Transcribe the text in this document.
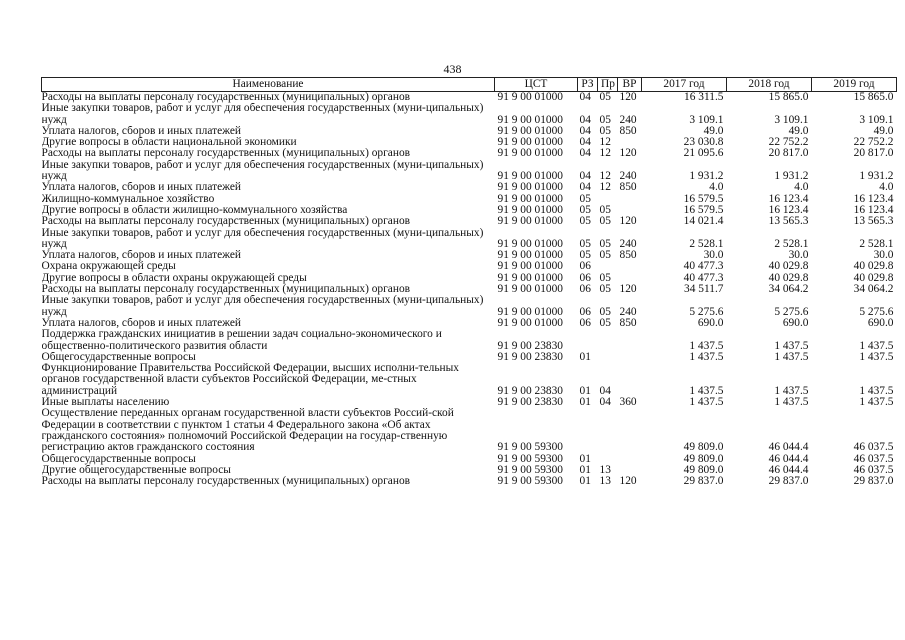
438
Наименование	ЦСТ	РЗ	Пр	ВР	2017 год	2018 год	2019 год
Расходы на выплаты персоналу государственных (муниципальных) органов	91 9 00 01000	04	05	120	16 311.5	15 865.0	15 865.0
Иные закупки товаров, работ и услуг для обеспечения государственных (муни-ципальных) нужд	91 9 00 01000	04	05	240	3 109.1	3 109.1	3 109.1
Уплата налогов, сборов и иных платежей	91 9 00 01000	04	05	850	49.0	49.0	49.0
Другие вопросы в области национальной экономики	91 9 00 01000	04	12		23 030.8	22 752.2	22 752.2
Расходы на выплаты персоналу государственных (муниципальных) органов	91 9 00 01000	04	12	120	21 095.6	20 817.0	20 817.0
Иные закупки товаров, работ и услуг для обеспечения государственных (муни-ципальных) нужд	91 9 00 01000	04	12	240	1 931.2	1 931.2	1 931.2
Уплата налогов, сборов и иных платежей	91 9 00 01000	04	12	850	4.0	4.0	4.0
Жилищно-коммунальное хозяйство	91 9 00 01000	05			16 579.5	16 123.4	16 123.4
Другие вопросы в области жилищно-коммунального хозяйства	91 9 00 01000	05	05		16 579.5	16 123.4	16 123.4
Расходы на выплаты персоналу государственных (муниципальных) органов	91 9 00 01000	05	05	120	14 021.4	13 565.3	13 565.3
Иные закупки товаров, работ и услуг для обеспечения государственных (муни-ципальных) нужд	91 9 00 01000	05	05	240	2 528.1	2 528.1	2 528.1
Уплата налогов, сборов и иных платежей	91 9 00 01000	05	05	850	30.0	30.0	30.0
Охрана окружающей среды	91 9 00 01000	06			40 477.3	40 029.8	40 029.8
Другие вопросы в области охраны окружающей среды	91 9 00 01000	06	05		40 477.3	40 029.8	40 029.8
Расходы на выплаты персоналу государственных (муниципальных) органов	91 9 00 01000	06	05	120	34 511.7	34 064.2	34 064.2
Иные закупки товаров, работ и услуг для обеспечения государственных (муни-ципальных) нужд	91 9 00 01000	06	05	240	5 275.6	5 275.6	5 275.6
Уплата налогов, сборов и иных платежей	91 9 00 01000	06	05	850	690.0	690.0	690.0
Поддержка гражданских инициатив в решении задач социально-экономического и общественно-политического развития области	91 9 00 23830				1 437.5	1 437.5	1 437.5
Общегосударственные вопросы	91 9 00 23830	01			1 437.5	1 437.5	1 437.5
Функционирование Правительства Российской Федерации, высших исполни-тельных органов государственной власти субъектов Российской Федерации, ме-стных администраций	91 9 00 23830	01	04		1 437.5	1 437.5	1 437.5
Иные выплаты населению	91 9 00 23830	01	04	360	1 437.5	1 437.5	1 437.5
Осуществление переданных органам государственной власти субъектов Россий-ской Федерации в соответствии с пунктом 1 статьи 4 Федерального закона «Об актах гражданского состояния» полномочий Российской Федерации на государ-ственную регистрацию актов гражданского состояния	91 9 00 59300				49 809.0	46 044.4	46 037.5
Общегосударственные вопросы	91 9 00 59300	01			49 809.0	46 044.4	46 037.5
Другие общегосударственные вопросы	91 9 00 59300	01	13		49 809.0	46 044.4	46 037.5
Расходы на выплаты персоналу государственных (муниципальных) органов	91 9 00 59300	01	13	120	29 837.0	29 837.0	29 837.0
